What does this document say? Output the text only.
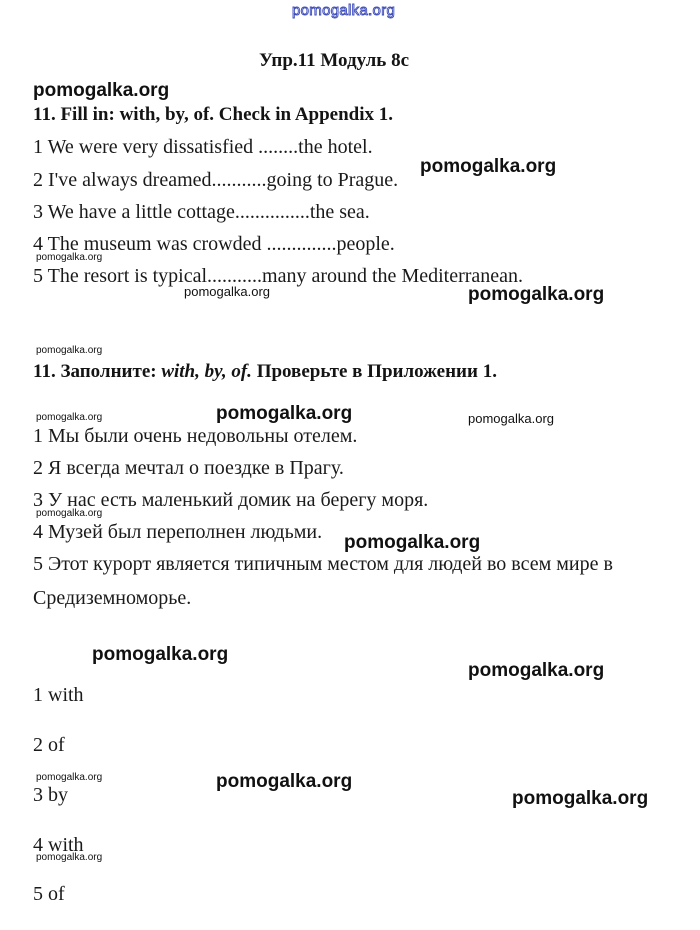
pomogalka.org
Упр.11 Модуль 8с
11. Fill in: with, by, of. Check in Appendix 1.
1 We were very dissatisfied ........the hotel.
2 I've always dreamed...........going to Prague.
3 We have a little cottage...............the sea.
4 The museum was crowded ..............people.
5 The resort is typical...........many around the Mediterranean.
11. Заполните: with, by, of. Проверьте в Приложении 1.
1 Мы были очень недовольны отелем.
2 Я всегда мечтал о поездке в Прагу.
3 У нас есть маленький домик на берегу моря.
4 Музей был переполнен людьми.
5 Этот курорт является типичным местом для людей во всем мире в
Средиземноморье.
1 with
2 of
3 by
4 with
5 of
pomogalka.org
pomogalka.org
pomogalka.org
pomogalka.org
pomogalka.org
pomogalka.org
pomogalka.org
pomogalka.org
pomogalka.org
pomogalka.org
pomogalka.org
pomogalka.org
pomogalka.org
pomogalka.org
pomogalka.org
pomogalka.org
pomogalka.org
